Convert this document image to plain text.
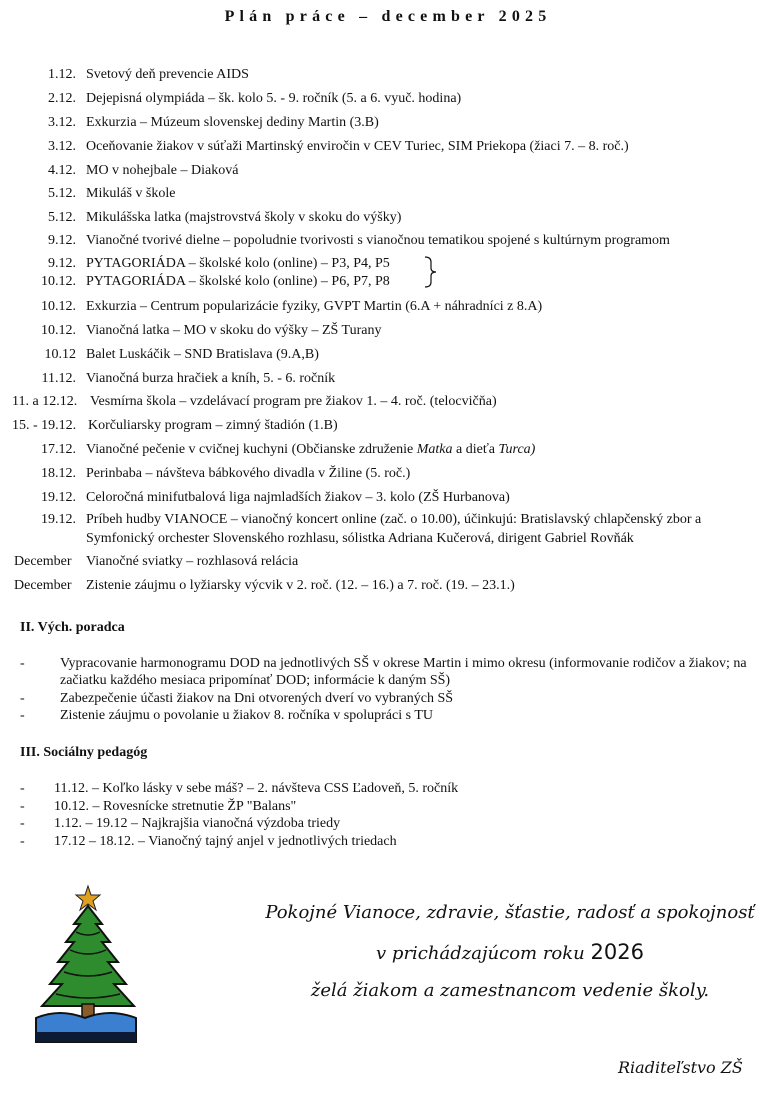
Plán práce – december 2025
1.12. Svetový deň prevencie AIDS
2.12. Dejepisná olympiáda – šk. kolo 5. - 9. ročník (5. a 6. vyuč. hodina)
3.12. Exkurzia – Múzeum slovenskej dediny Martin (3.B)
3.12. Oceňovanie žiakov v súťaži Martinský enviročin v CEV Turiec, SIM Priekopa (žiaci 7. – 8. roč.)
4.12. MO v nohejbale – Diaková
5.12. Mikuláš v škole
5.12. Mikulášska latka (majstrovstvá školy v skoku do výšky)
9.12. Vianočné tvorivé dielne – popoludnie tvorivosti s vianočnou tematikou spojené s kultúrnym programom
9.12. PYTAGORIÁDA – školské kolo (online) – P3, P4, P5
10.12. PYTAGORIÁDA – školské kolo (online) – P6, P7, P8
10.12. Exkurzia – Centrum popularizácie fyziky, GVPT Martin (6.A + náhradníci z 8.A)
10.12. Vianočná latka – MO v skoku do výšky – ZŠ Turany
10.12 Balet Luskáčik – SND Bratislava (9.A,B)
11.12. Vianočná burza hračiek a kníh, 5. - 6. ročník
11. a 12.12. Vesmírna škola – vzdelávací program pre žiakov 1. – 4. roč. (telocvičňa)
15. - 19.12. Korčuliarsky program – zimný štadión (1.B)
17.12. Vianočné pečenie v cvičnej kuchyni (Občianske združenie Matka a dieťa Turca)
18.12. Perinbaba – návšteva bábkového divadla v Žiline (5. roč.)
19.12. Celoročná minifutbalová liga najmladších žiakov – 3. kolo (ZŠ Hurbanova)
19.12. Príbeh hudby VIANOCE – vianočný koncert online (zač. o 10.00), účinkujú: Bratislavský chlapčenský zbor a Symfonický orchester Slovenského rozhlasu, sólistka Adriana Kučerová, dirigent Gabriel Rovňák
December Vianočné sviatky – rozhlasová relácia
December Zistenie záujmu o lyžiarsky výcvik v 2. roč. (12. – 16.) a 7. roč. (19. – 23.1.)
II. Vých. poradca
-	Vypracovanie harmonogramu DOD na jednotlivých SŠ v okrese Martin i mimo okresu (informovanie rodičov a žiakov; na začiatku každého mesiaca pripomínať DOD; informácie k daným SŠ)
-	Zabezpečenie účasti žiakov na Dni otvorených dverí vo vybraných SŠ
-	Zistenie záujmu o povolanie u žiakov 8. ročníka v spolupráci s TU
III. Sociálny pedagóg
- 11.12. – Koľko lásky v sebe máš? – 2. návšteva CSS Ľadoveň, 5. ročník
- 10.12. – Rovesnícke stretnutie ŽP "Balans"
- 1.12. – 19.12 – Najkrajšia vianočná výzdoba triedy
- 17.12 – 18.12. – Vianočný tajný anjel v jednotlivých triedach
Pokojné Vianoce, zdravie, šťastie, radosť a spokojnosť
v prichádzajúcom roku 2026
želá žiakom a zamestnancom vedenie školy.
Riaditeľstvo ZŠ
